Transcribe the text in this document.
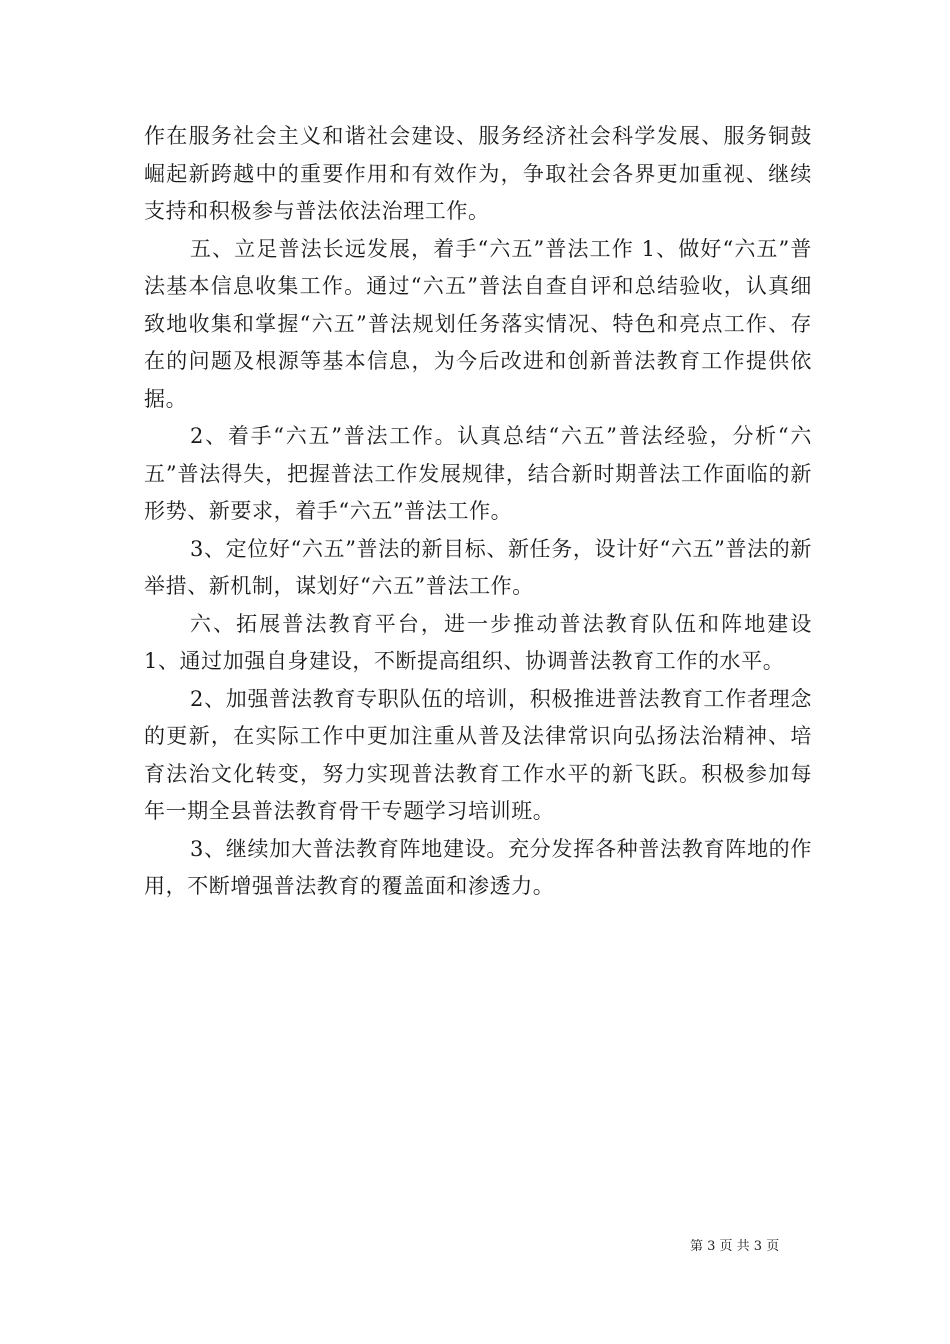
作在服务社会主义和谐社会建设、服务经济社会科学发展、服务铜鼓崛起新跨越中的重要作用和有效作为，争取社会各界更加重视、继续支持和积极参与普法依法治理工作。

五、立足普法长远发展，着手“六五”普法工作 1、做好“六五”普法基本信息收集工作。通过“六五”普法自查自评和总结验收，认真细致地收集和掌握“六五”普法规划任务落实情况、特色和亮点工作、存在的问题及根源等基本信息，为今后改进和创新普法教育工作提供依据。

2、着手“六五”普法工作。认真总结“六五”普法经验，分析“六五”普法得失，把握普法工作发展规律，结合新时期普法工作面临的新形势、新要求，着手“六五”普法工作。

3、定位好“六五”普法的新目标、新任务，设计好“六五”普法的新举措、新机制，谋划好“六五”普法工作。

六、拓展普法教育平台，进一步推动普法教育队伍和阵地建设 1、通过加强自身建设，不断提高组织、协调普法教育工作的水平。

2、加强普法教育专职队伍的培训，积极推进普法教育工作者理念的更新，在实际工作中更加注重从普及法律常识向弘扬法治精神、培育法治文化转变，努力实现普法教育工作水平的新飞跃。积极参加每年一期全县普法教育骨干专题学习培训班。

3、继续加大普法教育阵地建设。充分发挥各种普法教育阵地的作用，不断增强普法教育的覆盖面和渗透力。

第 3 页 共 3 页
